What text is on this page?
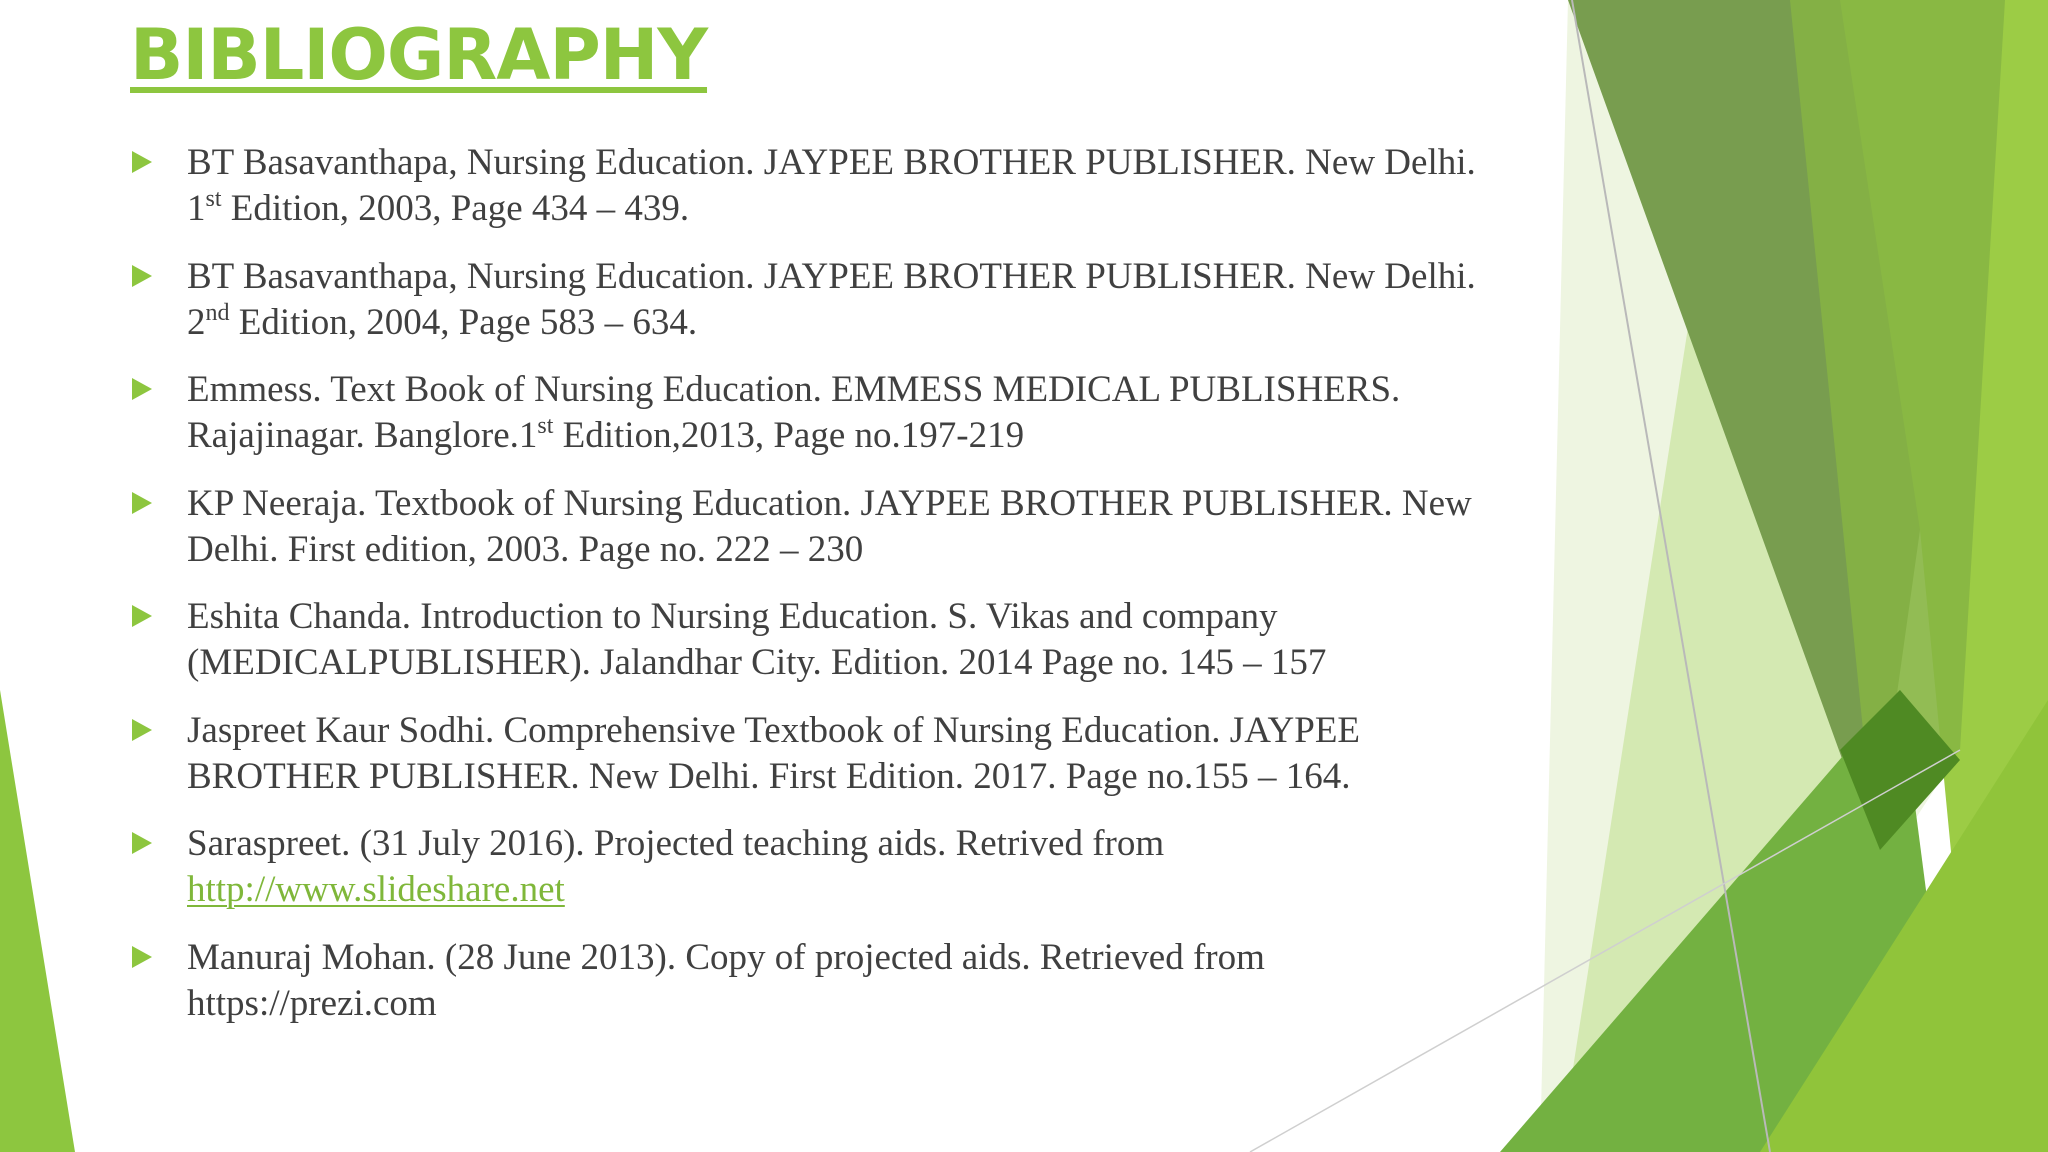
BIBLIOGRAPHY
BT Basavanthapa, Nursing Education. JAYPEE BROTHER PUBLISHER. New Delhi.
1st Edition, 2003, Page 434 – 439.
BT Basavanthapa, Nursing Education. JAYPEE BROTHER PUBLISHER. New Delhi.
2nd Edition, 2004, Page 583 – 634.
Emmess. Text Book of Nursing Education. EMMESS MEDICAL PUBLISHERS.
Rajajinagar. Banglore.1st Edition,2013, Page no.197-219
KP Neeraja. Textbook of Nursing Education. JAYPEE BROTHER PUBLISHER. New
Delhi. First edition, 2003. Page no. 222 – 230
Eshita Chanda. Introduction to Nursing Education. S. Vikas and company
(MEDICALPUBLISHER). Jalandhar City. Edition. 2014 Page no. 145 – 157
Jaspreet Kaur Sodhi. Comprehensive Textbook of Nursing Education. JAYPEE
BROTHER PUBLISHER. New Delhi. First Edition. 2017. Page no.155 – 164.
Saraspreet. (31 July 2016). Projected teaching aids. Retrived from
http://www.slideshare.net
Manuraj Mohan. (28 June 2013). Copy of projected aids. Retrieved from
https://prezi.com
